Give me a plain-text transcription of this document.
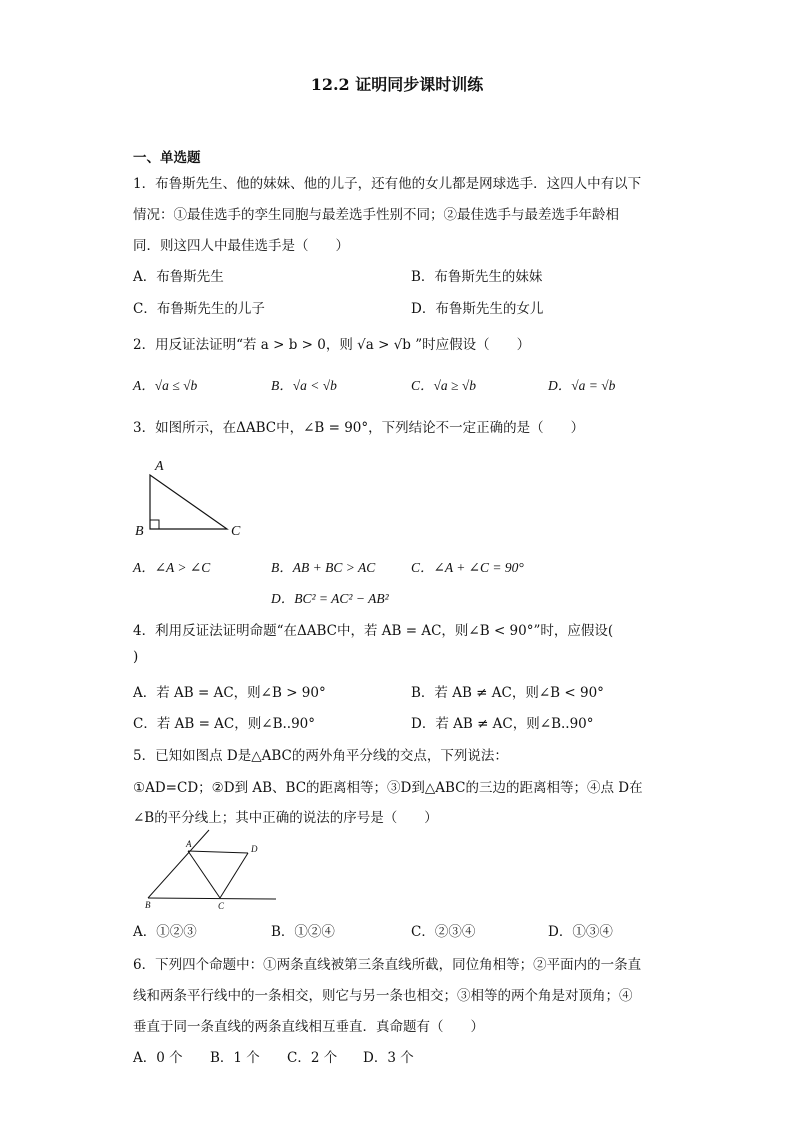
12.2 证明同步课时训练
一、单选题
1．布鲁斯先生、他的妹妹、他的儿子，还有他的女儿都是网球选手．这四人中有以下
情况：①最佳选手的孪生同胞与最差选手性别不同；②最佳选手与最差选手年龄相
同．则这四人中最佳选手是（　　）
A．布鲁斯先生	B．布鲁斯先生的妹妹
C．布鲁斯先生的儿子	D．布鲁斯先生的女儿
2．用反证法证明“若 a > b > 0，则 √a > √b ”时应假设（　　）
A．√a ≤ √b	B．√a < √b	C．√a ≥ √b	D．√a = √b
3．如图所示，在ΔABC中，∠B = 90°，下列结论不一定正确的是（　　）
A
B	C
A．∠A > ∠C	B．AB + BC > AC	C．∠A + ∠C = 90°
D．BC² = AC² − AB²
4．利用反证法证明命题“在ΔABC中，若 AB = AC，则∠B < 90°”时，应假设(
)
A．若 AB = AC，则∠B > 90°	B．若 AB ≠ AC，则∠B < 90°
C．若 AB = AC，则∠B..90°	D．若 AB ≠ AC，则∠B..90°
5．已知如图点 D是△ABC的两外角平分线的交点，下列说法：
①AD=CD；②D到 AB、BC的距离相等；③D到△ABC的三边的距离相等；④点 D在
∠B的平分线上；其中正确的说法的序号是（　　）
A
B	C
D
A．①②③	B．①②④	C．②③④	D．①③④
6．下列四个命题中：①两条直线被第三条直线所截，同位角相等；②平面内的一条直
线和两条平行线中的一条相交，则它与另一条也相交；③相等的两个角是对顶角；④
垂直于同一条直线的两条直线相互垂直．真命题有（　　）
A．0 个 B．1 个 C．2 个 D．3 个
